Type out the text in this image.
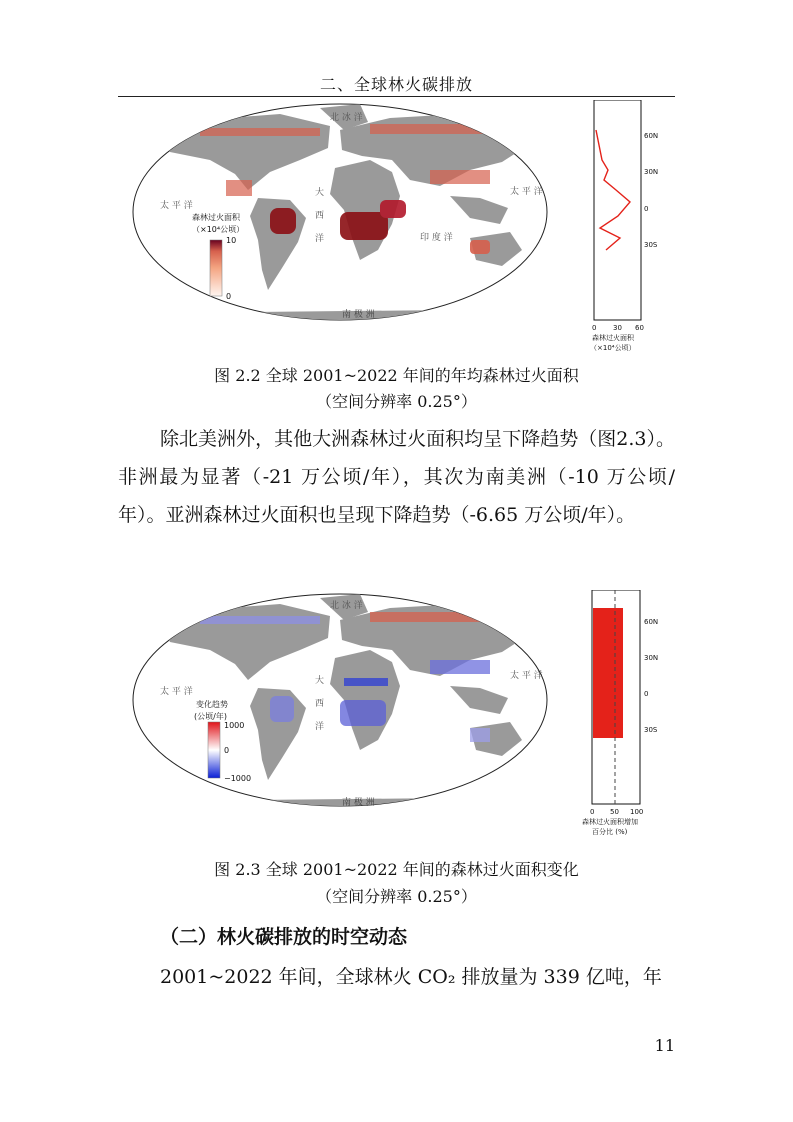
二、全球林火碳排放
北 冰 洋
太 平 洋
大
西
洋
太 平 洋
印 度 洋
南 极 洲
森林过火面积
（×10⁴公顷）
10
0
60N
30N
0
30S
0 30 60
森林过火面积
（×10⁴公顷）
图 2.2 全球 2001~2022 年间的年均森林过火面积
（空间分辨率 0.25°）
除北美洲外，其他大洲森林过火面积均呈下降趋势（图2.3）。非洲最为显著（-21 万公顷/年），其次为南美洲（-10 万公顷/年）。亚洲森林过火面积也呈现下降趋势（-6.65 万公顷/年）。
北 冰 洋
太 平 洋
大
西
洋
太 平 洋
南 极 洲
变化趋势
(公顷/年)
1000
0
−1000
60N
30N
0
30S
0 50 100
森林过火面积增加
百分比 (%)
图 2.3 全球 2001~2022 年间的森林过火面积变化
（空间分辨率 0.25°）
（二）林火碳排放的时空动态
2001~2022 年间，全球林火 CO₂ 排放量为 339 亿吨，年
11
